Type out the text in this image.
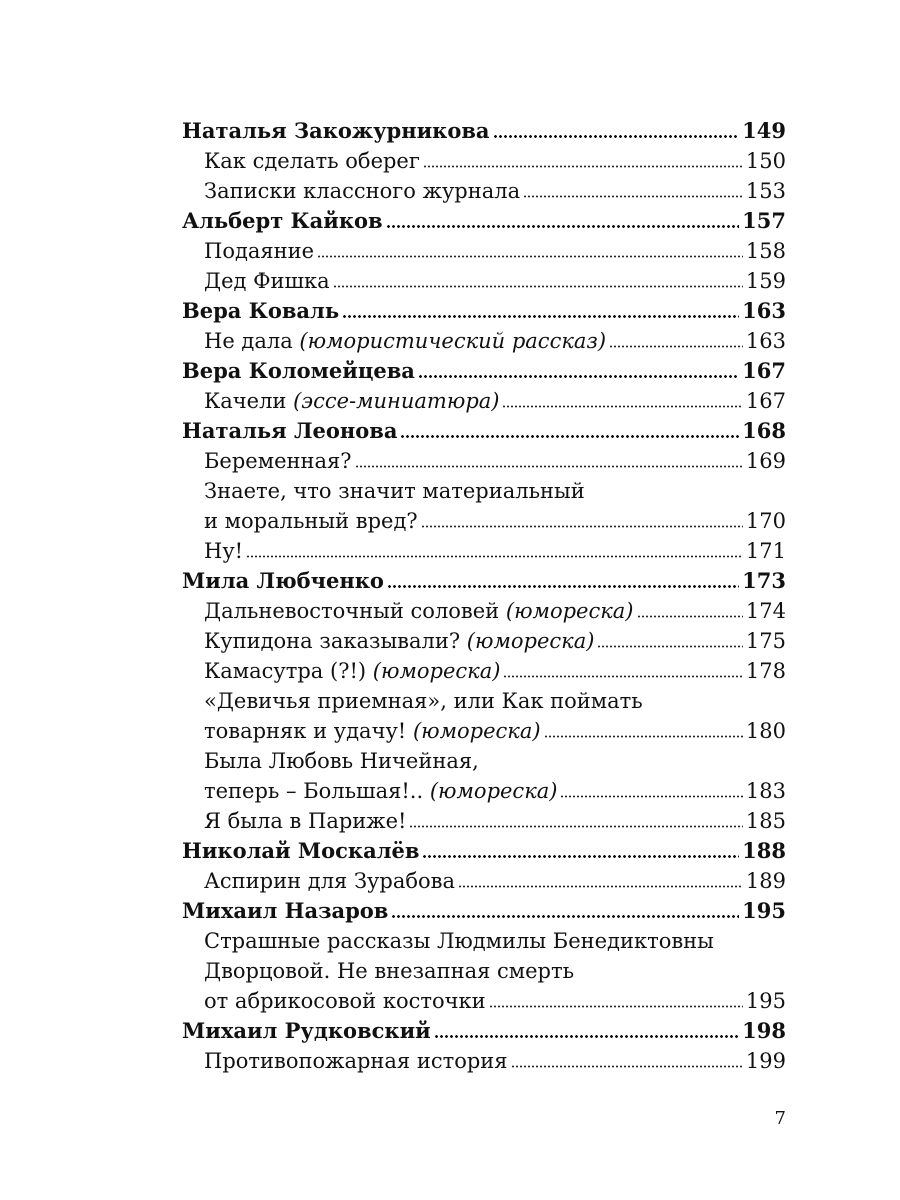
Наталья Закожурникова	149
Как сделать оберег	150
Записки классного журнала	153
Альберт Кайков	157
Подаяние	158
Дед Фишка	159
Вера Коваль	163
Не дала (юмористический рассказ)	163
Вера Коломейцева	167
Качели (эссе-миниатюра)	167
Наталья Леонова	168
Беременная?	169
Знаете, что значит материальный
и моральный вред?	170
Ну!	171
Мила Любченко	173
Дальневосточный соловей (юмореска)	174
Купидона заказывали? (юмореска)	175
Камасутра (?!) (юмореска)	178
«Девичья приемная», или Как поймать
товарняк и удачу! (юмореска)	180
Была Любовь Ничейная,
теперь – Большая!.. (юмореска)	183
Я была в Париже!	185
Николай Москалёв	188
Аспирин для Зурабова	189
Михаил Назаров	195
Страшные рассказы Людмилы Бенедиктовны
Дворцовой. Не внезапная смерть
от абрикосовой косточки	195
Михаил Рудковский	198
Противопожарная история	199
7
